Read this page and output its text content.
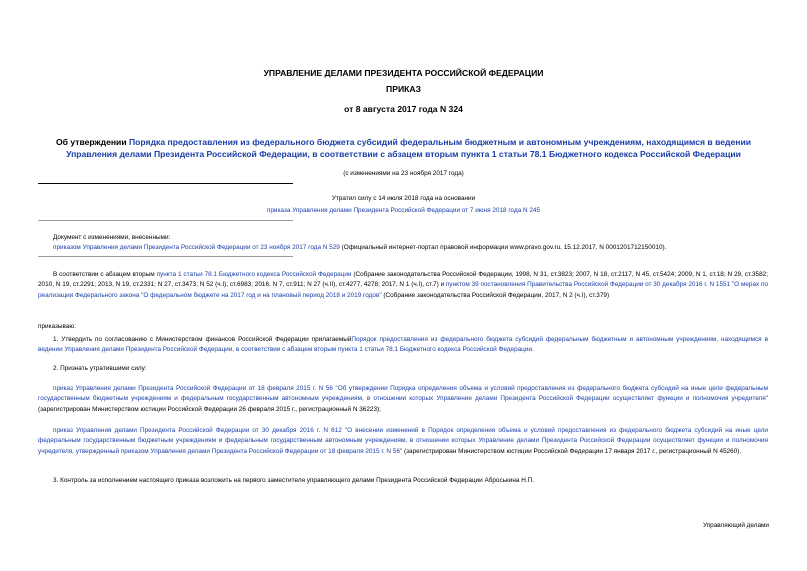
УПРАВЛЕНИЕ ДЕЛАМИ ПРЕЗИДЕНТА РОССИЙСКОЙ ФЕДЕРАЦИИ
ПРИКАЗ
от 8 августа 2017 года N 324
Об утверждении Порядка предоставления из федерального бюджета субсидий федеральным бюджетным и автономным учреждениям, находящимся в ведении Управления делами Президента Российской Федерации, в соответствии с абзацем вторым пункта 1 статьи 78.1 Бюджетного кодекса Российской Федерации
(с изменениями на 23 ноября 2017 года)
Утратил силу с 14 июля 2018 года на основании
приказа Управления делами Президента Российской Федерации от 7 июня 2018 года N 245
Документ с изменениями, внесенными:
приказом Управления делами Президента Российской Федерации от 23 ноября 2017 года N 529 (Официальный интернет-портал правовой информации www.pravo.gov.ru, 15.12.2017, N 0001201712150010).
В соответствии с абзацем вторым пункта 1 статьи 78.1 Бюджетного кодекса Российской Федерации (Собрание законодательства Российской Федерации, 1998, N 31, ст.3823; 2007, N 18, ст.2117, N 45, ст.5424; 2009, N 1, ст.18; N 29, ст.3582; 2010, N 19, ст.2291; 2013, N 19, ст.2331; N 27, ст.3473; N 52 (ч.I), ст.6983; 2016, N 7, ст.911; N 27 (ч.II), ст.4277, 4278; 2017, N 1 (ч.I), ст.7) и пунктом 39 постановления Правительства Российской Федерации от 30 декабря 2016 г. N 1551 "О мерах по реализации Федерального закона "О федеральном бюджете на 2017 год и на плановый период 2018 и 2019 годов" (Собрание законодательства Российской Федерации, 2017, N 2 (ч.I), ст.379)
приказываю:
1. Утвердить по согласованию с Министерством финансов Российской Федерации прилагаемыйПорядок предоставления из федерального бюджета субсидий федеральным бюджетным и автономным учреждениям, находящимся в ведении Управления делами Президента Российской Федерации, в соответствии с абзацем вторым пункта 1 статьи 78.1 Бюджетного кодекса Российской Федерации.
2. Признать утратившими силу:
приказ Управления делами Президента Российской Федерации от 18 февраля 2015 г. N 56 "Об утверждении Порядка определения объема и условий предоставления из федерального бюджета субсидий на иные цели федеральным государственным бюджетным учреждениям и федеральным государственным автономным учреждениям, в отношении которых Управление делами Президента Российской Федерации осуществляет функции и полномочия учредителя" (зарегистрирован Министерством юстиции Российской Федерации 26 февраля 2015 г., регистрационный N 36223);
приказ Управления делами Президента Российской Федерации от 30 декабря 2016 г. N 612 "О внесении изменений в Порядок определения объема и условий предоставления из федерального бюджета субсидий на иные цели федеральным государственным бюджетным учреждениям и федеральным государственным автономным учреждениям, в отношении которых Управление делами Президента Российской Федерации осуществляет функции и полномочия учредителя, утвержденный приказом Управления делами Президента Российской Федерации от 18 февраля 2015 г. N 56" (зарегистрирован Министерством юстиции Российской Федерации 17 января 2017 г., регистрационный N 45260).
3. Контроль за исполнением настоящего приказа возложить на первого заместителя управляющего делами Президента Российской Федерации Аброськина Н.П.
Управляющий делами
